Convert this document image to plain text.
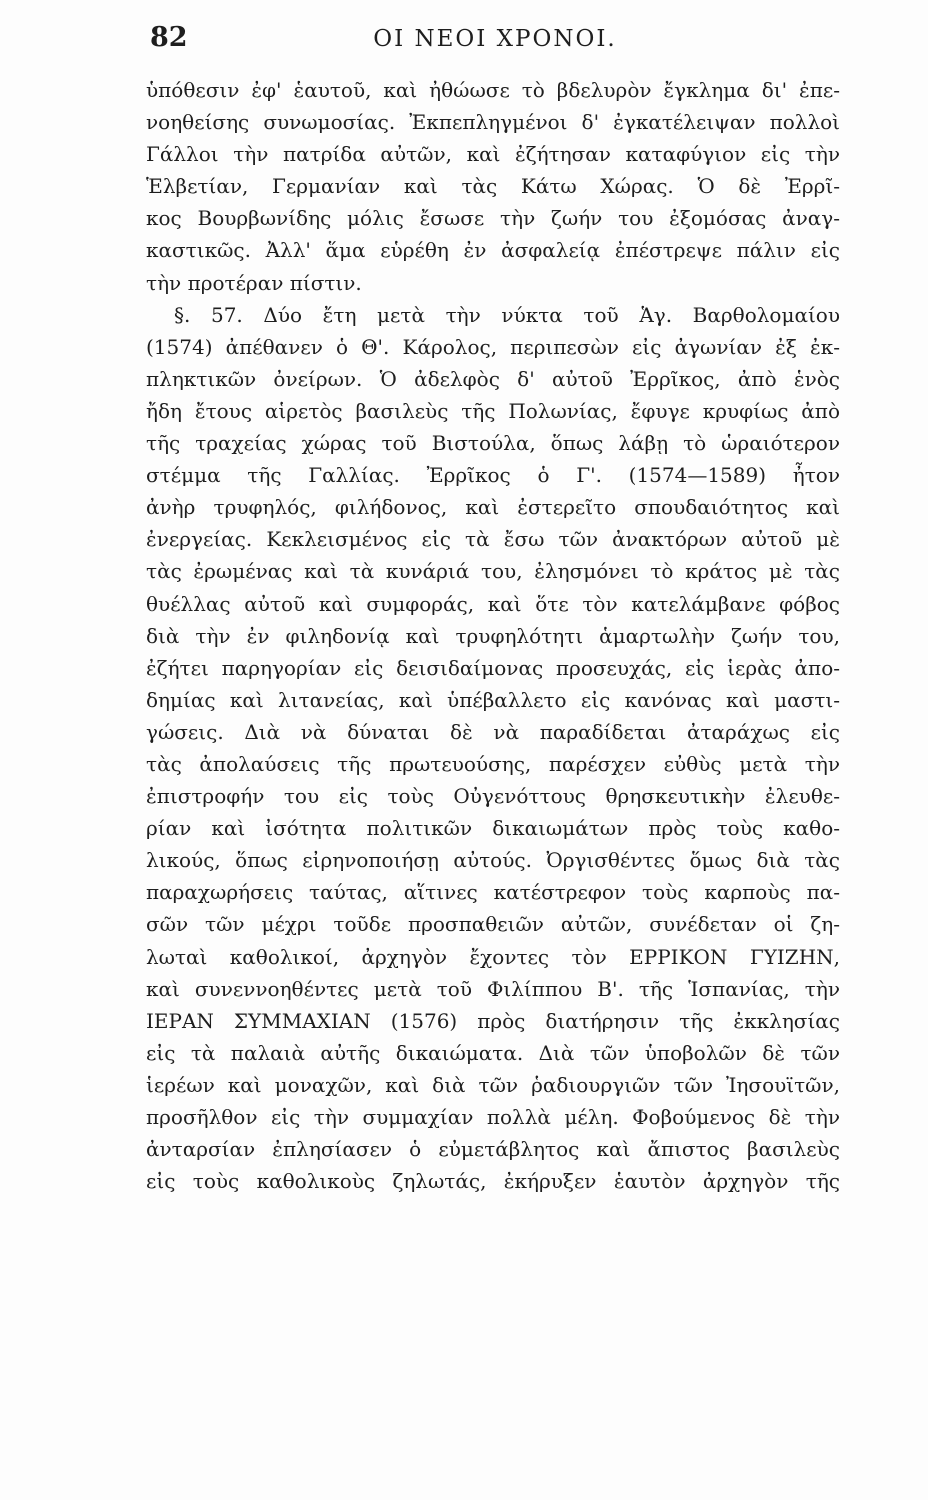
82	ΟΙ ΝΕΟΙ ΧΡΟΝΟΙ.
ὑπόθεσιν ἐφ' ἑαυτοῦ, καὶ ἠθώωσε τὸ βδελυρὸν ἔγκλημα δι' ἐπε-
νοηθείσης συνωμοσίας. Ἐκπεπληγμένοι δ' ἐγκατέλειψαν πολλοὶ
Γάλλοι τὴν πατρίδα αὐτῶν, καὶ ἐζήτησαν καταφύγιον εἰς τὴν
Ἑλβετίαν, Γερμανίαν καὶ τὰς Κάτω Χώρας. Ὁ δὲ Ἐρρῖ-
κος Βουρβωνίδης μόλις ἔσωσε τὴν ζωήν του ἐξομόσας ἀναγ-
καστικῶς. Ἀλλ' ἅμα εὑρέθη ἐν ἀσφαλείᾳ ἐπέστρεψε πάλιν εἰς
τὴν προτέραν πίστιν.
§. 57. Δύο ἔτη μετὰ τὴν νύκτα τοῦ Ἁγ. Βαρθολομαίου
(1574) ἀπέθανεν ὁ Θ'. Κάρολος, περιπεσὼν εἰς ἀγωνίαν ἐξ ἐκ-
πληκτικῶν ὀνείρων. Ὁ ἀδελφὸς δ' αὐτοῦ Ἐρρῖκος, ἀπὸ ἑνὸς
ἤδη ἔτους αἱρετὸς βασιλεὺς τῆς Πολωνίας, ἔφυγε κρυφίως ἀπὸ
τῆς τραχείας χώρας τοῦ Βιστούλα, ὅπως λάβῃ τὸ ὡραιότερον
στέμμα τῆς Γαλλίας. Ἐρρῖκος ὁ Γ'. (1574—1589) ἦτον
ἀνὴρ τρυφηλός, φιλήδονος, καὶ ἐστερεῖτο σπουδαιότητος καὶ
ἐνεργείας. Κεκλεισμένος εἰς τὰ ἔσω τῶν ἀνακτόρων αὐτοῦ μὲ
τὰς ἐρωμένας καὶ τὰ κυνάριά του, ἐλησμόνει τὸ κράτος μὲ τὰς
θυέλλας αὐτοῦ καὶ συμφοράς, καὶ ὅτε τὸν κατελάμβανε φόβος
διὰ τὴν ἐν φιληδονίᾳ καὶ τρυφηλότητι ἁμαρτωλὴν ζωήν του,
ἐζήτει παρηγορίαν εἰς δεισιδαίμονας προσευχάς, εἰς ἱερὰς ἀπο-
δημίας καὶ λιτανείας, καὶ ὑπέβαλλετο εἰς κανόνας καὶ μαστι-
γώσεις. Διὰ νὰ δύναται δὲ νὰ παραδίδεται ἀταράχως εἰς
τὰς ἀπολαύσεις τῆς πρωτευούσης, παρέσχεν εὐθὺς μετὰ τὴν
ἐπιστροφήν του εἰς τοὺς Οὐγενόττους θρησκευτικὴν ἐλευθε-
ρίαν καὶ ἰσότητα πολιτικῶν δικαιωμάτων πρὸς τοὺς καθο-
λικούς, ὅπως εἰρηνοποιήσῃ αὐτούς. Ὀργισθέντες ὅμως διὰ τὰς
παραχωρήσεις ταύτας, αἵτινες κατέστρεφον τοὺς καρποὺς πα-
σῶν τῶν μέχρι τοῦδε προσπαθειῶν αὐτῶν, συνέδεταν οἱ ζη-
λωταὶ καθολικοί, ἀρχηγὸν ἔχοντες τὸν ΕΡΡΙΚΟΝ ΓΥΙΖΗΝ,
καὶ συνεννοηθέντες μετὰ τοῦ Φιλίππου Β'. τῆς Ἱσπανίας, τὴν
ΙΕΡΑΝ ΣΥΜΜΑΧΙΑΝ (1576) πρὸς διατήρησιν τῆς ἐκκλησίας
εἰς τὰ παλαιὰ αὐτῆς δικαιώματα. Διὰ τῶν ὑποβολῶν δὲ τῶν
ἱερέων καὶ μοναχῶν, καὶ διὰ τῶν ῥαδιουργιῶν τῶν Ἰησουϊτῶν,
προσῆλθον εἰς τὴν συμμαχίαν πολλὰ μέλη. Φοβούμενος δὲ τὴν
ἀνταρσίαν ἐπλησίασεν ὁ εὐμετάβλητος καὶ ἄπιστος βασιλεὺς
εἰς τοὺς καθολικοὺς ζηλωτάς, ἐκήρυξεν ἑαυτὸν ἀρχηγὸν τῆς
